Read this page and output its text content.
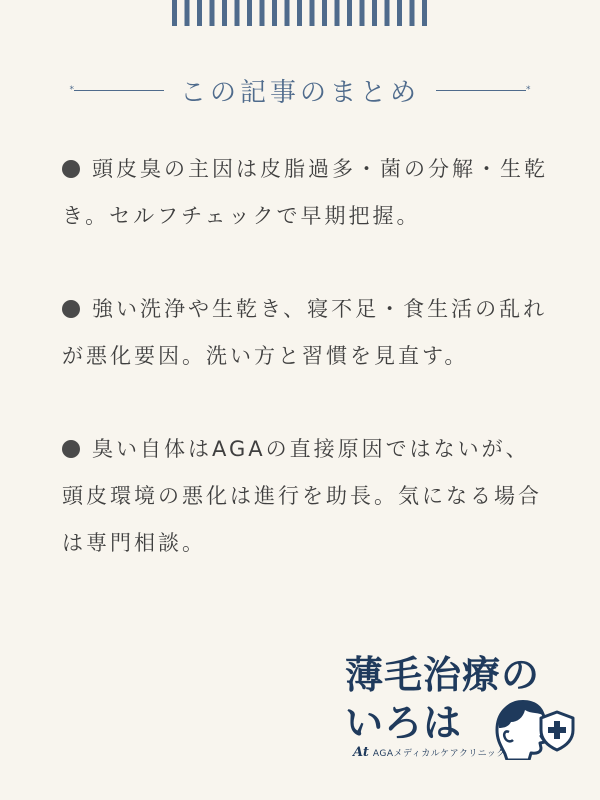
*	この記事のまとめ	*
頭皮臭の主因は皮脂過多・菌の分解・生乾き。セルフチェックで早期把握。
強い洗浄や生乾き、寝不足・食生活の乱れが悪化要因。洗い方と習慣を見直す。
臭い自体はAGAの直接原因ではないが、頭皮環境の悪化は進行を助長。気になる場合は専門相談。
薄毛治療の
いろは
At AGAメディカルケアクリニック
